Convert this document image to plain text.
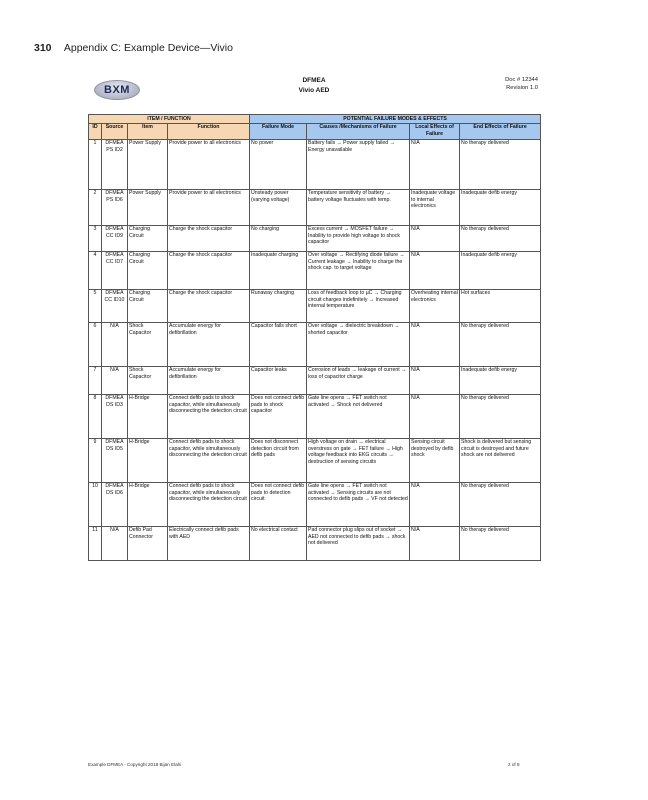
310 Appendix C: Example Device—Vivio
BXM
DFMEA
Vivio AED
Doc # 12344
Revision 1.0
ITEM / FUNCTION				POTENTIAL FAILURE MODES & EFFECTS			
ID	Source	Item	Function	Failure Mode	Causes /Mechanisms of Failure	Local Effects of Failure	End Effects of Failure
1	DFMEA PS ID2	Power Supply	Provide power to all electronics	No power	Battery fails → Power supply failed → Energy unavailable	N/A	No therapy delivered
2	DFMEA PS ID6	Power Supply	Provide power to all electronics	Unsteady power (varying voltage)	Temperature sensitivity of battery → battery voltage fluctuates with temp.	Inadequate voltage to internal electronics	Inadequate defib energy
3	DFMEA CC ID9	Charging Circuit	Charge the shock capacitor	No charging	Excess current → MOSFET failure → Inability to provide high voltage to shock capacitor	N/A	No therapy delivered
4	DFMEA CC ID7	Charging Circuit	Charge the shock capacitor	Inadequate charging	Over voltage → Rectifying diode failure → Current leakage → Inability to charge the shock cap. to target voltage	N/A	Inadequate defib energy
5	DFMEA CC ID10	Charging Circuit	Charge the shock capacitor	Runaway charging	Loss of feedback loop to µC → Charging circuit charges indefinitely → Increased internal temperature	Overheating internal electronics	Hot surfaces
6	N/A	Shock Capacitor	Accumulate energy for defibrillation	Capacitor fails short	Over voltage → dielectric breakdown → shorted capacitor	N/A	No therapy delivered
7	N/A	Shock Capacitor	Accumulate energy for defibrillation	Capacitor leaks	Corrosion of leads → leakage of current → loss of capacitor charge	N/A	Inadequate defib energy
8	DFMEA DS ID3	H-Bridge	Connect defib pads to shock capacitor, while simultaneously disconnecting the detection circuit	Does not connect defib pads to shock capacitor	Gate line opens → FET switch not activated → Shock not delivered	N/A	No therapy delivered
9	DFMEA DS ID5	H-Bridge	Connect defib pads to shock capacitor, while simultaneously disconnecting the detection circuit	Does not disconnect detection circuit from defib pads	High voltage on drain → electrical overstress on gate → FET failure → High voltage feedback into EKG circuits → destruction of sensing circuits	Sensing circuit destroyed by defib shock	Shock is delivered but sensing circuit is destroyed and future shock are not delivered
10	DFMEA DS ID6	H-Bridge	Connect defib pads to shock capacitor, while simultaneously disconnecting the detection circuit	Does not connect defib pads to detection circuit	Gate line opens → FET switch not activated → Sensing circuits are not connected to defib pads → VF not detected	N/A	No therapy delivered
11	N/A	Defib Pad Connector	Electrically connect defib pads with AED	No electrical contact	Pad connector plug slips out of socket → AED not connected to defib pads → shock not delivered	N/A	No therapy delivered
Example DFMEA - Copyright 2018 Bijan Elahi	2 of 8
